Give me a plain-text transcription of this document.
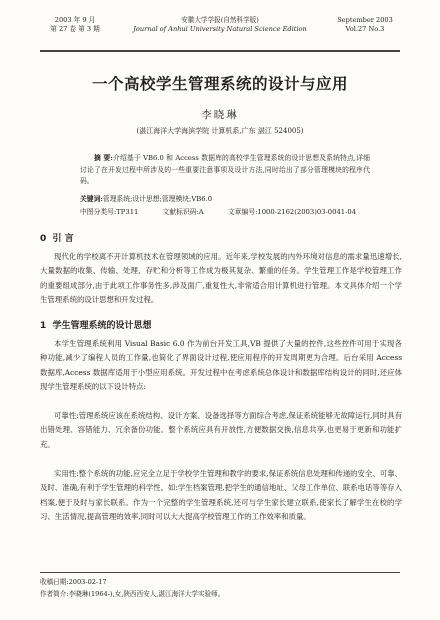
2003 年 9 月
第 27 卷 第 3 期
安徽大学学报(自然科学版)
Journal of Anhui University Natural Science Edition
September 2003
Vol.27 No.3
一个高校学生管理系统的设计与应用
李晓琳
(湛江海洋大学海滨学院 计算机系,广东 湛江 524005)
摘 要:介绍基于 VB6.0 和 Access 数据库的高校学生管理系统的设计思想及系统特点,详细讨论了在开发过程中所涉及的一些重要注意事项及设计方法,同时给出了部分管理模块的程序代码。
关键词:管理系统;设计思想;管理模块;VB6.0
中图分类号:TP311	文献标识码:A	文章编号:1000-2162(2003)03-0041-04
0 引 言
现代化的学校离不开计算机技术在管理领域的应用。近年来,学校发展的内外环境对信息的需求量迅速增长,大量数据的收集、传输、处理、存贮和分析等工作成为极其复杂、繁重的任务。学生管理工作是学校管理工作的重要组成部分,由于此项工作事务性多,涉及面广,重复性大,非常适合用计算机进行管理。本文具体介绍一个学生管理系统的设计思想和开发过程。
1 学生管理系统的设计思想
本学生管理系统利用 Visual Basic 6.0 作为前台开发工具,VB 提供了大量的控件,这些控件可用于实现各种功能,减少了编程人员的工作量,也简化了界面设计过程,使应用程序的开发周期更为合理。后台采用 Access 数据库,Access 数据库适用于小型应用系统。开发过程中在考虑系统总体设计和数据库结构设计的同时,还应体现学生管理系统的以下设计特点:
可靠性:管理系统应该在系统结构、设计方案、设备选择等方面综合考虑,保证系统能够无故障运行,同时具有出错处理、容错能力、冗余备份功能。整个系统应具有开放性,方便数据交换,信息共享,也更易于更新和功能扩充。
实用性:整个系统的功能,应完全立足于学校学生管理和教学的要求,保证系统信息处理和传递的安全、可靠、及时、准确,有利于学生管理的科学性。如:学生档案管理,把学生的通信地址、父母工作单位、联系电话等等存入档案,便于及时与家长联系。作为一个完整的学生管理系统,还可与学生家长建立联系,使家长了解学生在校的学习、生活情况,提高管理的效率,同时可以大大提高学校管理工作的工作效率和质量。
收稿日期:2003-02-17
作者简介:李晓琳(1964-),女,陕西西安人,湛江海洋大学实验师。
